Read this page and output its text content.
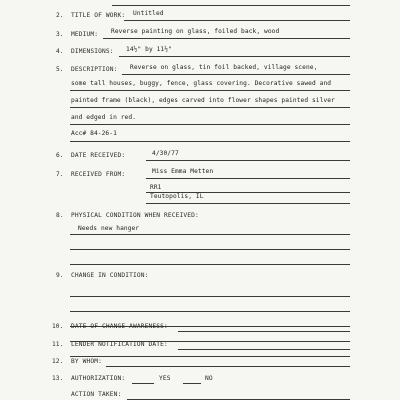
2. TITLE OF WORK: Untitled
3. MEDIUM: Reverse painting on glass, foiled back, wood
4. DIMENSIONS: 14½" by 11½"
5. DESCRIPTION: Reverse on glass, tin foil backed, village scene,
some tall houses, buggy, fence, glass covering. Decorative sawed and
painted frame (black), edges carved into flower shapes painted silver
and edged in red.
Acc# 84-26-1
6. DATE RECEIVED:	4/30/77
7. RECEIVED FROM:	Miss Emma Metten
RR1
Teutopolis, IL
8. PHYSICAL CONDITION WHEN RECEIVED:
Needs new hanger
9. CHANGE IN CONDITION:
10. DATE OF CHANGE AWARENESS:
11. LENDER NOTIFICATION DATE:
12. BY WHOM:
13. AUTHORIZATION:	YES	NO
ACTION TAKEN:
